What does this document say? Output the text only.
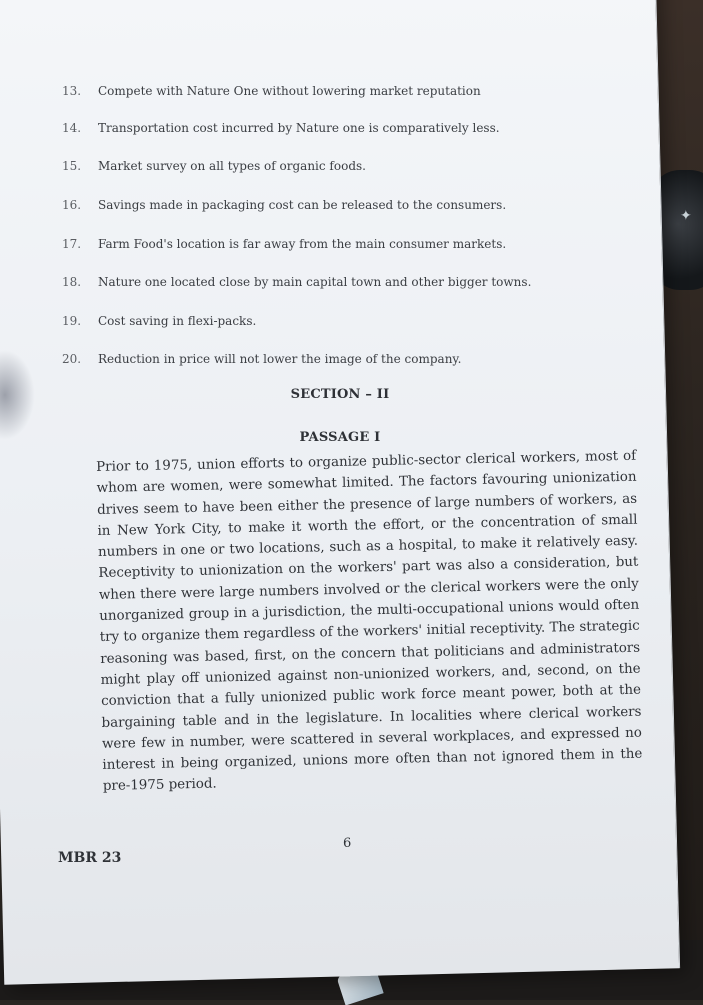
✦
13. Compete with Nature One without lowering market reputation
14. Transportation cost incurred by Nature one is comparatively less.
15. Market survey on all types of organic foods.
16. Savings made in packaging cost can be released to the consumers.
17. Farm Food's location is far away from the main consumer markets.
18. Nature one located close by main capital town and other bigger towns.
19. Cost saving in flexi-packs.
20. Reduction in price will not lower the image of the company.
SECTION – II
PASSAGE I
Prior to 1975, union efforts to organize public-sector clerical workers, most of whom are women, were somewhat limited. The factors favouring unionization drives seem to have been either the presence of large numbers of workers, as in New York City, to make it worth the effort, or the concentration of small numbers in one or two locations, such as a hospital, to make it relatively easy. Receptivity to unionization on the workers' part was also a consideration, but when there were large numbers involved or the clerical workers were the only unorganized group in a jurisdiction, the multi-occupational unions would often try to organize them regardless of the workers' initial receptivity. The strategic reasoning was based, first, on the concern that politicians and administrators might play off unionized against non-unionized workers, and, second, on the conviction that a fully unionized public work force meant power, both at the bargaining table and in the legislature. In localities where clerical workers were few in number, were scattered in several workplaces, and expressed no interest in being organized, unions more often than not ignored them in the pre-1975 period.
6
MBR 23
